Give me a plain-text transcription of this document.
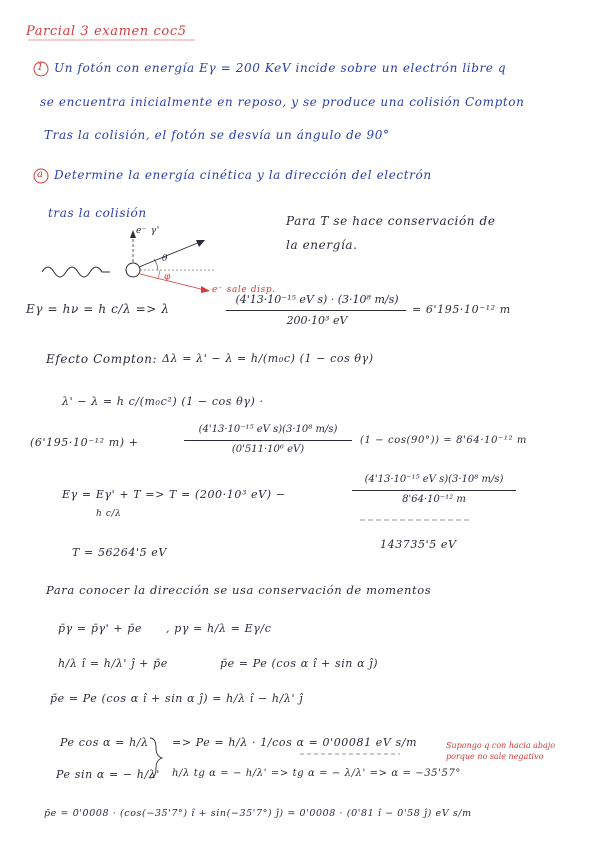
Parcial 3 examen coc5
1 Un fotón con energía Eγ = 200 KeV incide sobre un electrón libre q
se encuentra inicialmente en reposo, y se produce una colisión Compton
Tras la colisión, el fotón se desvía un ángulo de 90°
a Determine la energía cinética y la dirección del electrón
tras la colisión
Para T se hace conservación de
la energía.
e⁻ γ'
θ
φ
e⁻ sale disp.
Eγ = hν = h c/λ => λ
(4'13·10⁻¹⁵ eV s) · (3·10⁸ m/s)
200·10³ eV
= 6'195·10⁻¹² m
Efecto Compton: Δλ = λ' − λ = h/(m₀c) (1 − cos θγ)
λ' − λ = h c/(m₀c²) (1 − cos θγ) ·
(6'195·10⁻¹² m) +
(4'13·10⁻¹⁵ eV s)(3·10⁸ m/s)
(0'511·10⁶ eV)
(1 − cos(90°)) = 8'64·10⁻¹² m
Eγ = Eγ' + T => T = (200·10³ eV) −
h c/λ
(4'13·10⁻¹⁵ eV s)(3·10⁸ m/s)
8'64·10⁻¹² m
143735'5 eV
T = 56264'5 eV
Para conocer la dirección se usa conservación de momentos
p̄γ = p̄γ' + p̄e , pγ = h/λ = Eγ/c
h/λ î = h/λ' ĵ + p̄e	p̄e = Pe (cos α î + sin α ĵ)
p̄e = Pe (cos α î + sin α ĵ) = h/λ î − h/λ' ĵ
Pe cos α = h/λ => Pe = h/λ · 1/cos α = 0'00081 eV s/m
Pe sin α = − h/λ' h/λ tg α = − h/λ' => tg α = − λ/λ' => α = −35'57°
Supongo q con hacia abajo porque no sale negativo
p̄e = 0'0008 · (cos(−35'7°) î + sin(−35'7°) ĵ) = 0'0008 · (0'81 î − 0'58 ĵ) eV s/m
